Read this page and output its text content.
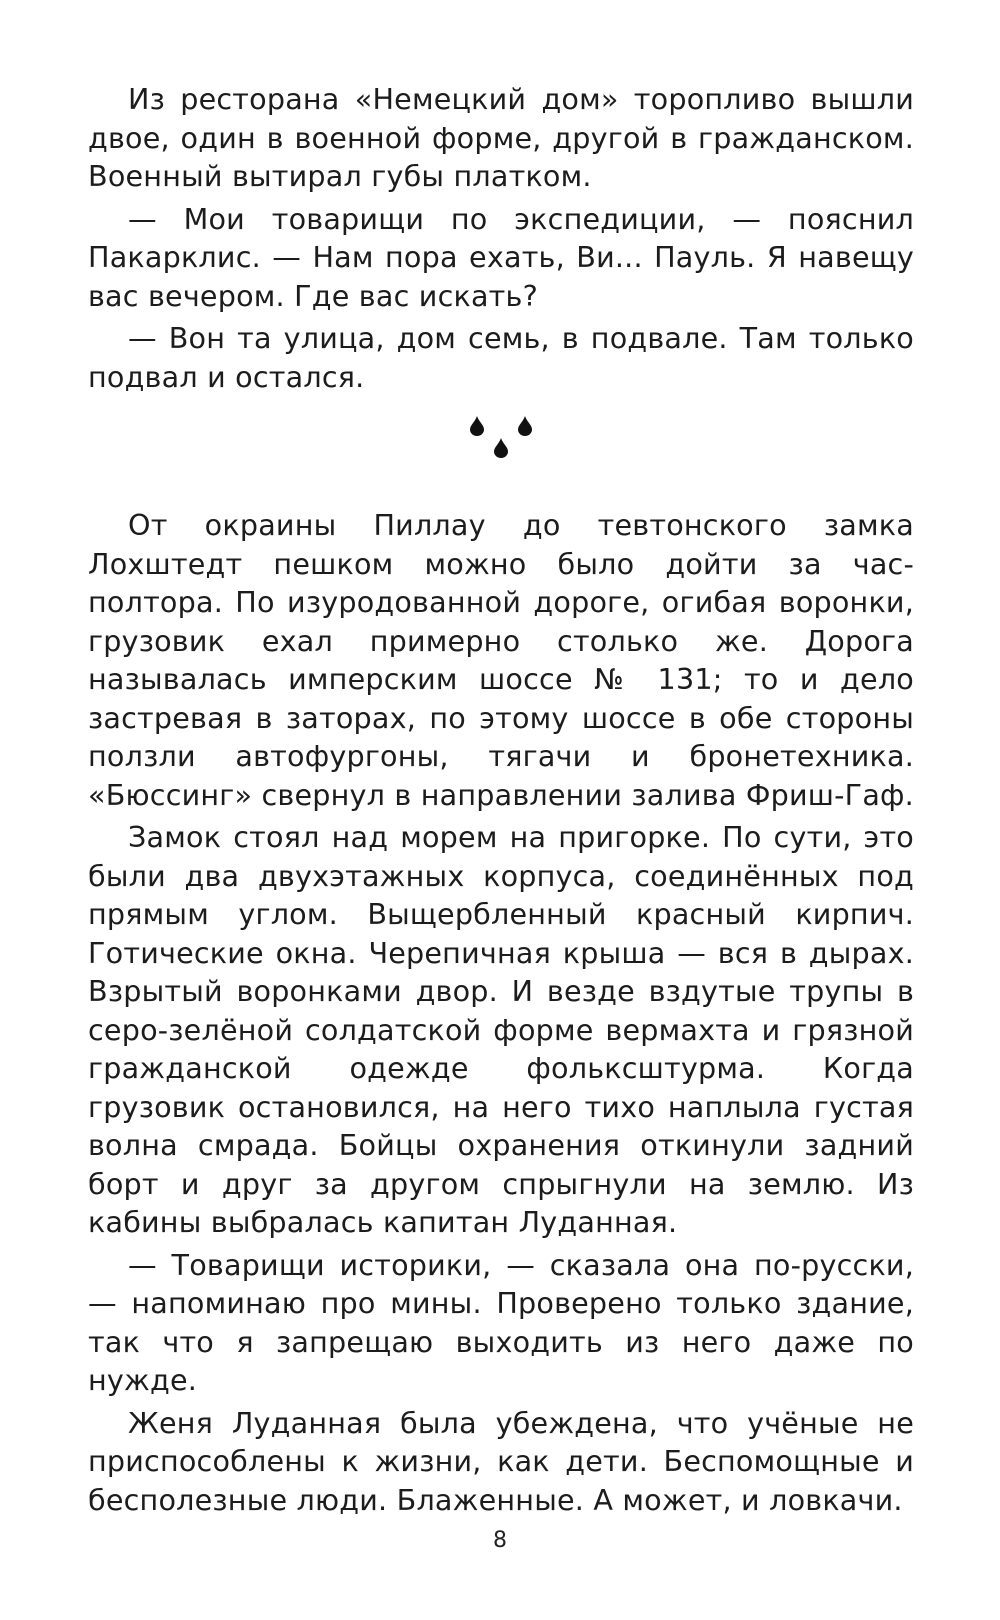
Из ресторана «Немецкий дом» торопливо вышли двое, один в военной форме, другой в гражданском. Военный вытирал губы платком.

— Мои товарищи по экспедиции, — пояснил Пакарклис. — Нам пора ехать, Ви... Пауль. Я навещу вас вечером. Где вас искать?

— Вон та улица, дом семь, в подвале. Там только подвал и остался.

От окраины Пиллау до тевтонского замка Лохштедт пешком можно было дойти за час-полтора. По изуродованной дороге, огибая воронки, грузовик ехал примерно столько же. Дорога называлась имперским шоссе № 131; то и дело застревая в заторах, по этому шоссе в обе стороны ползли автофургоны, тягачи и бронетехника. «Бюссинг» свернул в направлении залива Фриш-Гаф.

Замок стоял над морем на пригорке. По сути, это были два двухэтажных корпуса, соединённых под прямым углом. Выщербленный красный кирпич. Готические окна. Черепичная крыша — вся в дырах. Взрытый воронками двор. И везде вздутые трупы в серо-зелёной солдатской форме вермахта и грязной гражданской одежде фольксштурма. Когда грузовик остановился, на него тихо наплыла густая волна смрада. Бойцы охранения откинули задний борт и друг за другом спрыгнули на землю. Из кабины выбралась капитан Луданная.

— Товарищи историки, — сказала она по-русски, — напоминаю про мины. Проверено только здание, так что я запрещаю выходить из него даже по нужде.

Женя Луданная была убеждена, что учёные не приспособлены к жизни, как дети. Беспомощные и бесполезные люди. Блаженные. А может, и ловкачи.

8
